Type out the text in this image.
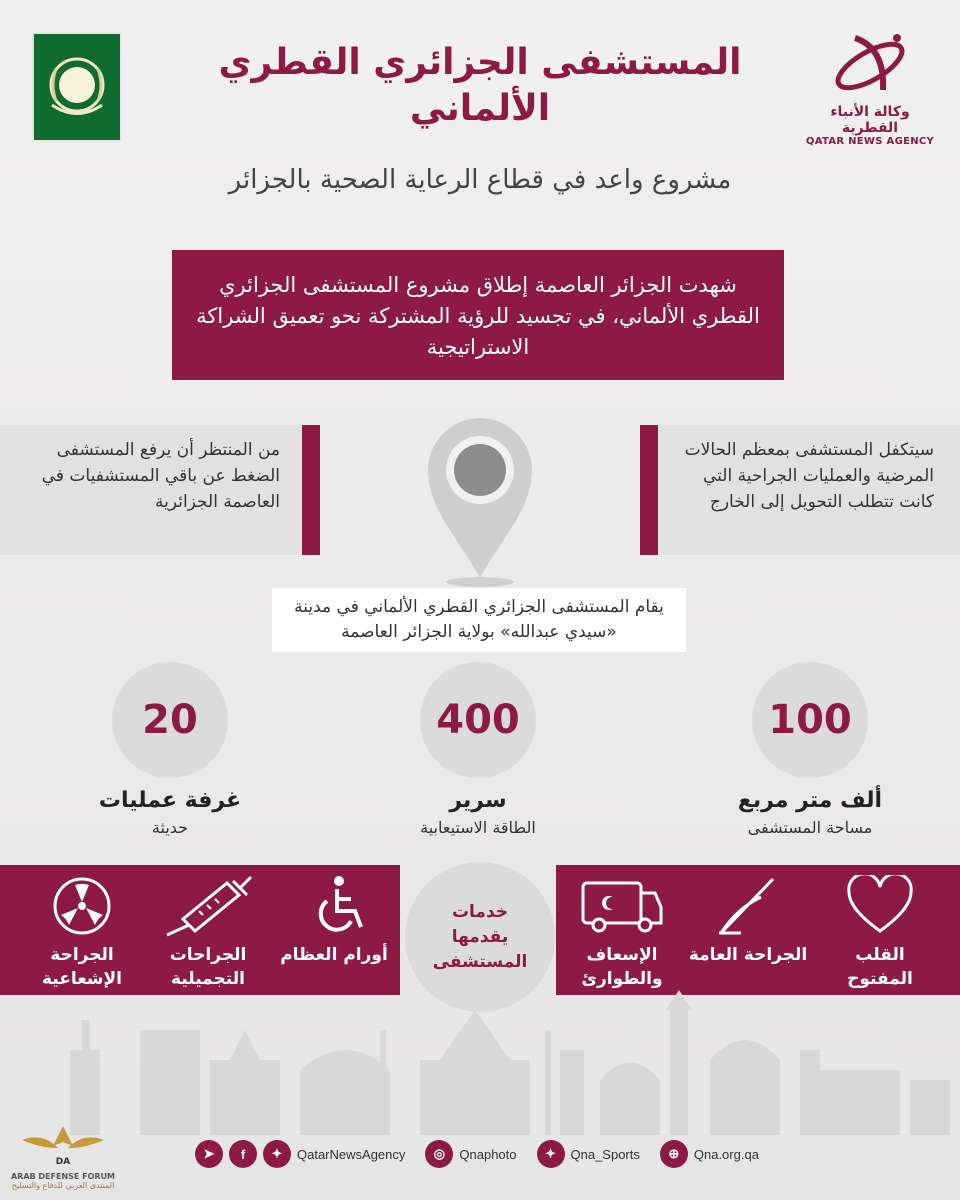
المستشفى الجزائري القطري الألماني
مشروع واعد في قطاع الرعاية الصحية بالجزائر
وكالة الأنباء القطرية
QATAR NEWS AGENCY
شهدت الجزائر العاصمة إطلاق مشروع المستشفى الجزائري القطري الألماني، في تجسيد للرؤية المشتركة نحو تعميق الشراكة الاستراتيجية
من المنتظر أن يرفع المستشفى الضغط عن باقي المستشفيات في العاصمة الجزائرية
سيتكفل المستشفى بمعظم الحالات المرضية والعمليات الجراحية التي كانت تتطلب التحويل إلى الخارج
يقام المستشفى الجزائري القطري الألماني في مدينة «سيدي عبدالله» بولاية الجزائر العاصمة
100
ألف متر مربع
مساحة المستشفى
400
سرير
الطاقة الاستيعابية
20
غرفة عمليات
حديثة
خدمات يقدمها المستشفى	القلب المفتوح
الجراحة العامة
الإسعاف والطوارئ
أورام العظام
الجراحات التجميلية
الجراحة الإشعاعية
➤	f	✦	QatarNewsAgency	◎	Qnaphoto	✦	Qna_Sports	⊕	Qna.org.qa
DA
ARAB DEFENSE FORUM
المنتدى العربي للدفاع والتسليح
